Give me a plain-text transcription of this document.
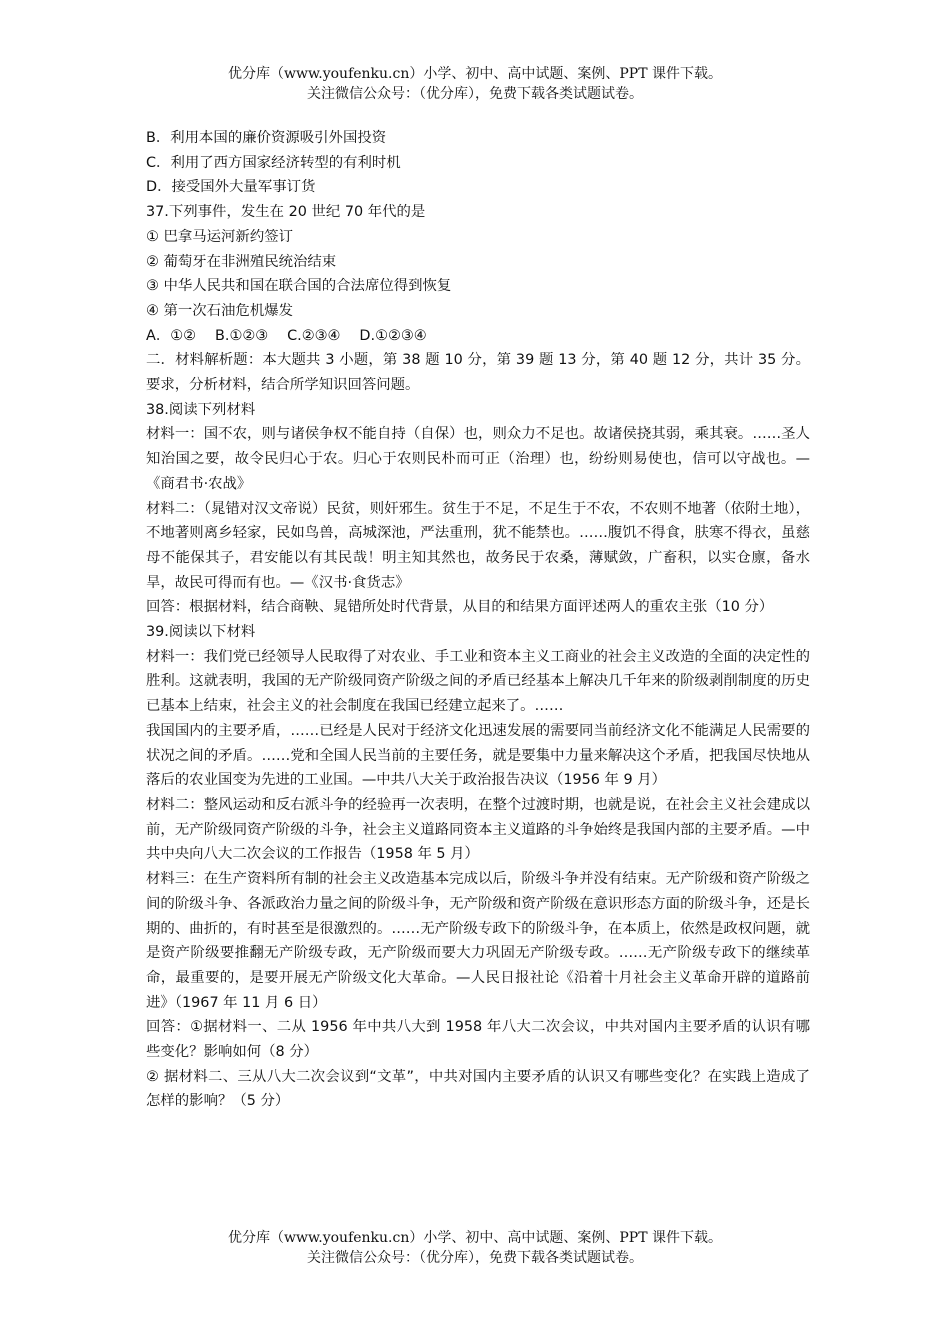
优分库（www.youfenku.cn）小学、初中、高中试题、案例、PPT 课件下载。
关注微信公众号：（优分库），免费下载各类试题试卷。

B．利用本国的廉价资源吸引外国投资

C．利用了西方国家经济转型的有利时机

D．接受国外大量军事订货

37.下列事件，发生在 20 世纪 70 年代的是

① 巴拿马运河新约签订

② 葡萄牙在非洲殖民统治结束

③ 中华人民共和国在联合国的合法席位得到恢复

④ 第一次石油危机爆发

A．①②　 B.①②③　 C.②③④　 D.①②③④

二．材料解析题：本大题共 3 小题，第 38 题 10 分，第 39 题 13 分，第 40 题 12 分，共计 35 分。要求，分析材料，结合所学知识回答问题。

38.阅读下列材料

材料一：国不农，则与诸侯争权不能自持（自保）也，则众力不足也。故诸侯挠其弱，乘其衰。……圣人知治国之要，故令民归心于农。归心于农则民朴而可正（治理）也，纷纷则易使也，信可以守战也。—《商君书·农战》

材料二：（晁错对汉文帝说）民贫，则奸邪生。贫生于不足，不足生于不农，不农则不地著（依附土地），不地著则离乡轻家，民如鸟兽，高城深池，严法重刑，犹不能禁也。……腹饥不得食，肤寒不得衣，虽慈母不能保其子，君安能以有其民哉！明主知其然也，故务民于农桑，薄赋敛，广畜积，以实仓廪，备水旱，故民可得而有也。—《汉书·食货志》

回答：根据材料，结合商鞅、晁错所处时代背景，从目的和结果方面评述两人的重农主张（10 分）

39.阅读以下材料

材料一：我们党已经领导人民取得了对农业、手工业和资本主义工商业的社会主义改造的全面的决定性的胜利。这就表明，我国的无产阶级同资产阶级之间的矛盾已经基本上解决几千年来的阶级剥削制度的历史已基本上结束，社会主义的社会制度在我国已经建立起来了。……

我国国内的主要矛盾，……已经是人民对于经济文化迅速发展的需要同当前经济文化不能满足人民需要的状况之间的矛盾。……党和全国人民当前的主要任务，就是要集中力量来解决这个矛盾，把我国尽快地从落后的农业国变为先进的工业国。—中共八大关于政治报告决议（1956 年 9 月）

材料二：整风运动和反右派斗争的经验再一次表明，在整个过渡时期，也就是说，在社会主义社会建成以前，无产阶级同资产阶级的斗争，社会主义道路同资本主义道路的斗争始终是我国内部的主要矛盾。—中共中央向八大二次会议的工作报告（1958 年 5 月）

材料三：在生产资料所有制的社会主义改造基本完成以后，阶级斗争并没有结束。无产阶级和资产阶级之间的阶级斗争、各派政治力量之间的阶级斗争，无产阶级和资产阶级在意识形态方面的阶级斗争，还是长期的、曲折的，有时甚至是很激烈的。……无产阶级专政下的阶级斗争，在本质上，依然是政权问题，就是资产阶级要推翻无产阶级专政，无产阶级而要大力巩固无产阶级专政。……无产阶级专政下的继续革命，最重要的，是要开展无产阶级文化大革命。—人民日报社论《沿着十月社会主义革命开辟的道路前进》（1967 年 11 月 6 日）

回答：①据材料一、二从 1956 年中共八大到 1958 年八大二次会议，中共对国内主要矛盾的认识有哪些变化？影响如何（8 分）

② 据材料二、三从八大二次会议到“文革”，中共对国内主要矛盾的认识又有哪些变化？在实践上造成了怎样的影响？（5 分）

优分库（www.youfenku.cn）小学、初中、高中试题、案例、PPT 课件下载。
关注微信公众号：（优分库），免费下载各类试题试卷。
